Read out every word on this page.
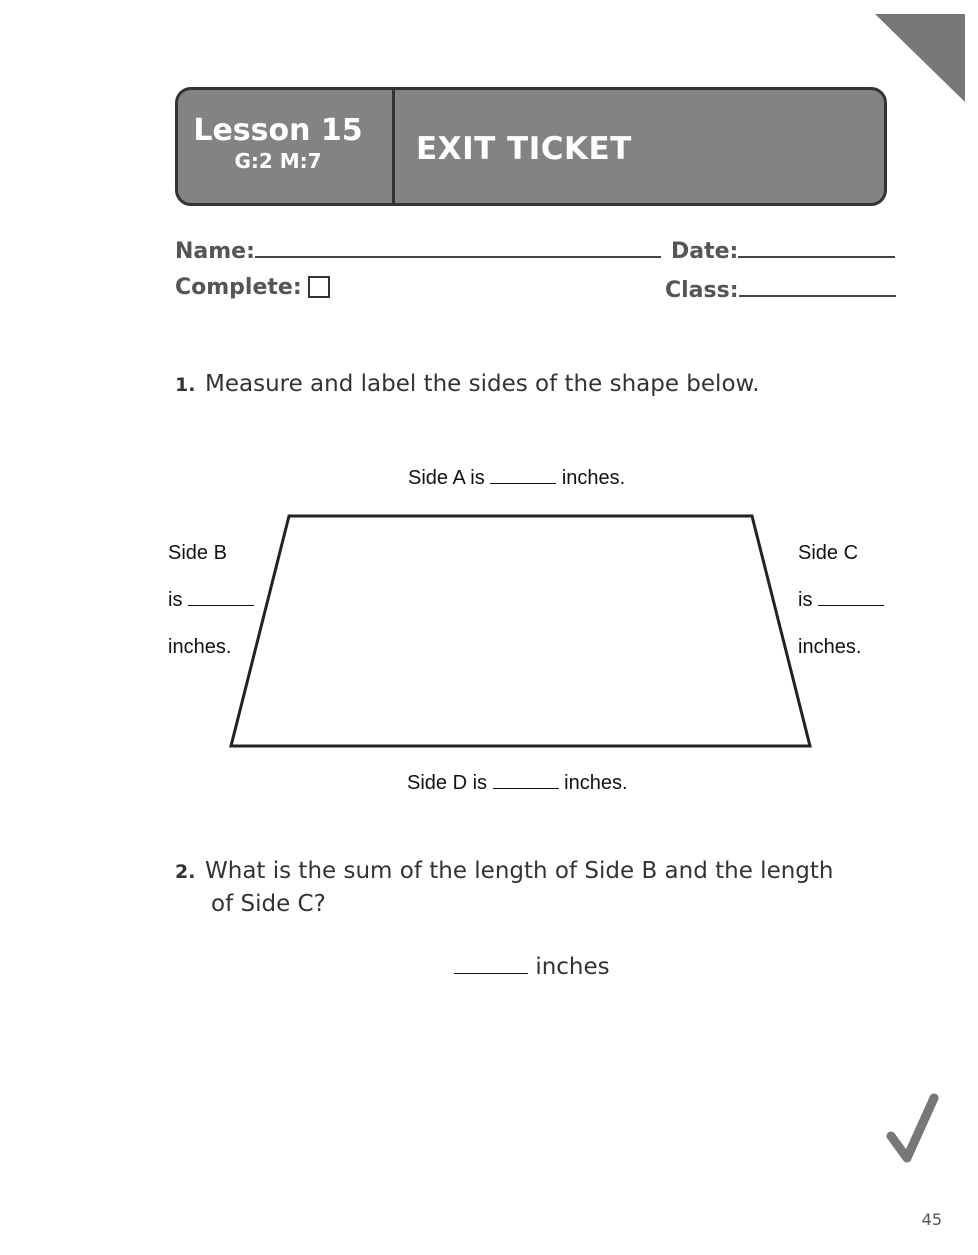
Lesson 15
G:2 M:7	EXIT TICKET
Name:	Date:
Complete:	Class:
1. Measure and label the sides of the shape below.
Side A is	inches.
Side B
is
inches.
Side C
is
inches.
Side D is	inches.
2. What is the sum of the length of Side B and the length
of Side C?
inches
45
